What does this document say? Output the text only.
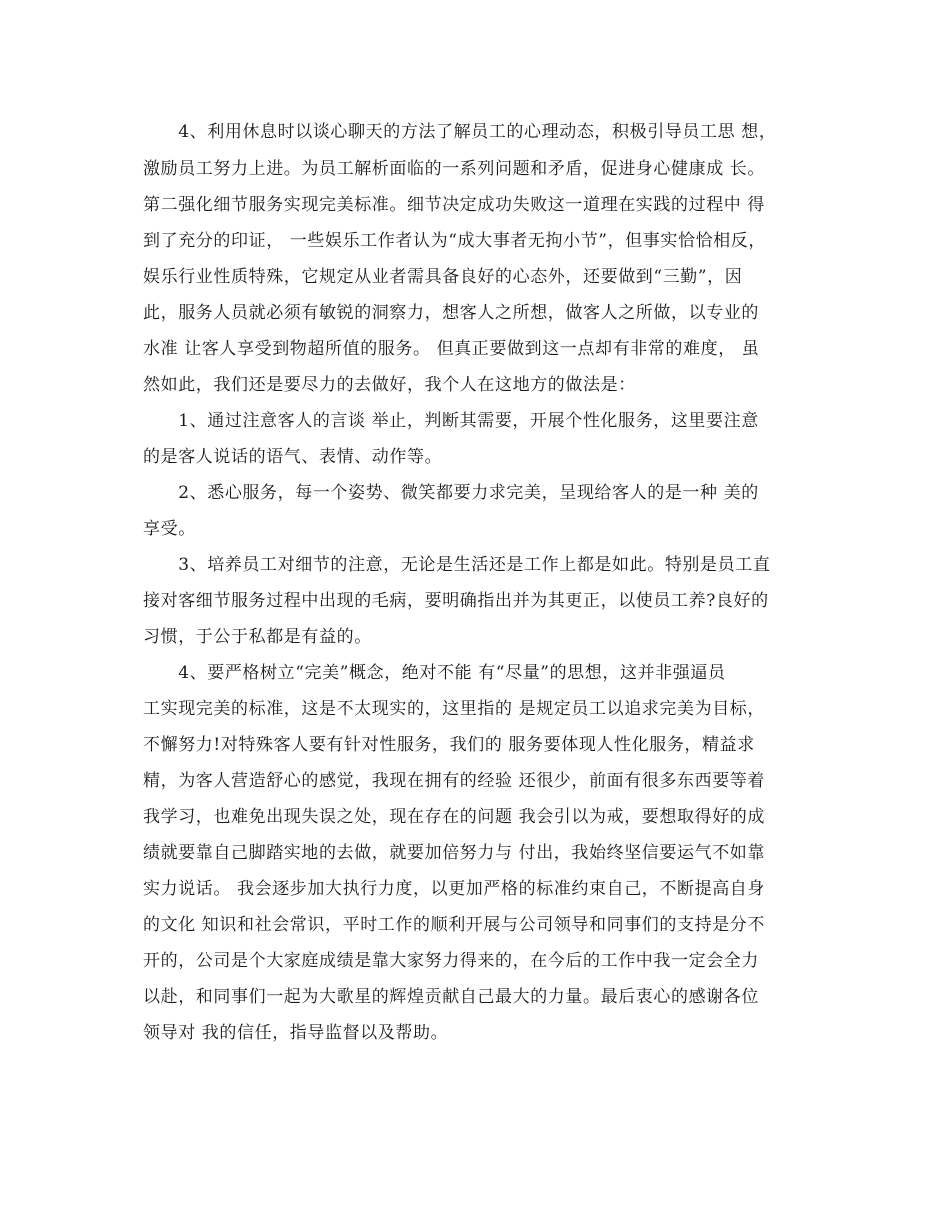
　　4、利用休息时以谈心聊天的方法了解员工的心理动态，积极引导员工思 想，
激励员工努力上进。为员工解析面临的一系列问题和矛盾，促进身心健康成 长。
第二强化细节服务实现完美标准。细节决定成功失败这一道理在实践的过程中 得
到了充分的印证， 一些娱乐工作者认为“成大事者无拘小节”，但事实恰恰相反，
娱乐行业性质特殊，它规定从业者需具备良好的心态外，还要做到“三勤”，因
此，服务人员就必须有敏锐的洞察力，想客人之所想，做客人之所做，以专业的
水准 让客人享受到物超所值的服务。 但真正要做到这一点却有非常的难度， 虽
然如此，我们还是要尽力的去做好，我个人在这地方的做法是：
　　1、通过注意客人的言谈 举止，判断其需要，开展个性化服务，这里要注意
的是客人说话的语气、表情、动作等。
　　2、悉心服务，每一个姿势、微笑都要力求完美，呈现给客人的是一种 美的
享受。
　　3、培养员工对细节的注意，无论是生活还是工作上都是如此。特别是员工直
接对客细节服务过程中出现的毛病，要明确指出并为其更正，以使员工养?良好的
习惯，于公于私都是有益的。
　　4、要严格树立“完美”概念，绝对不能 有“尽量”的思想，这并非强逼员
工实现完美的标准，这是不太现实的，这里指的 是规定员工以追求完美为目标，
不懈努力!对特殊客人要有针对性服务，我们的 服务要体现人性化服务，精益求
精，为客人营造舒心的感觉，我现在拥有的经验 还很少，前面有很多东西要等着
我学习，也难免出现失误之处，现在存在的问题 我会引以为戒，要想取得好的成
绩就要靠自己脚踏实地的去做，就要加倍努力与 付出，我始终坚信要运气不如靠
实力说话。 我会逐步加大执行力度，以更加严格的标准约束自己，不断提高自身
的文化 知识和社会常识，平时工作的顺利开展与公司领导和同事们的支持是分不
开的，公司是个大家庭成绩是靠大家努力得来的，在今后的工作中我一定会全力
以赴，和同事们一起为大歌星的辉煌贡献自己最大的力量。最后衷心的感谢各位
领导对 我的信任，指导监督以及帮助。
